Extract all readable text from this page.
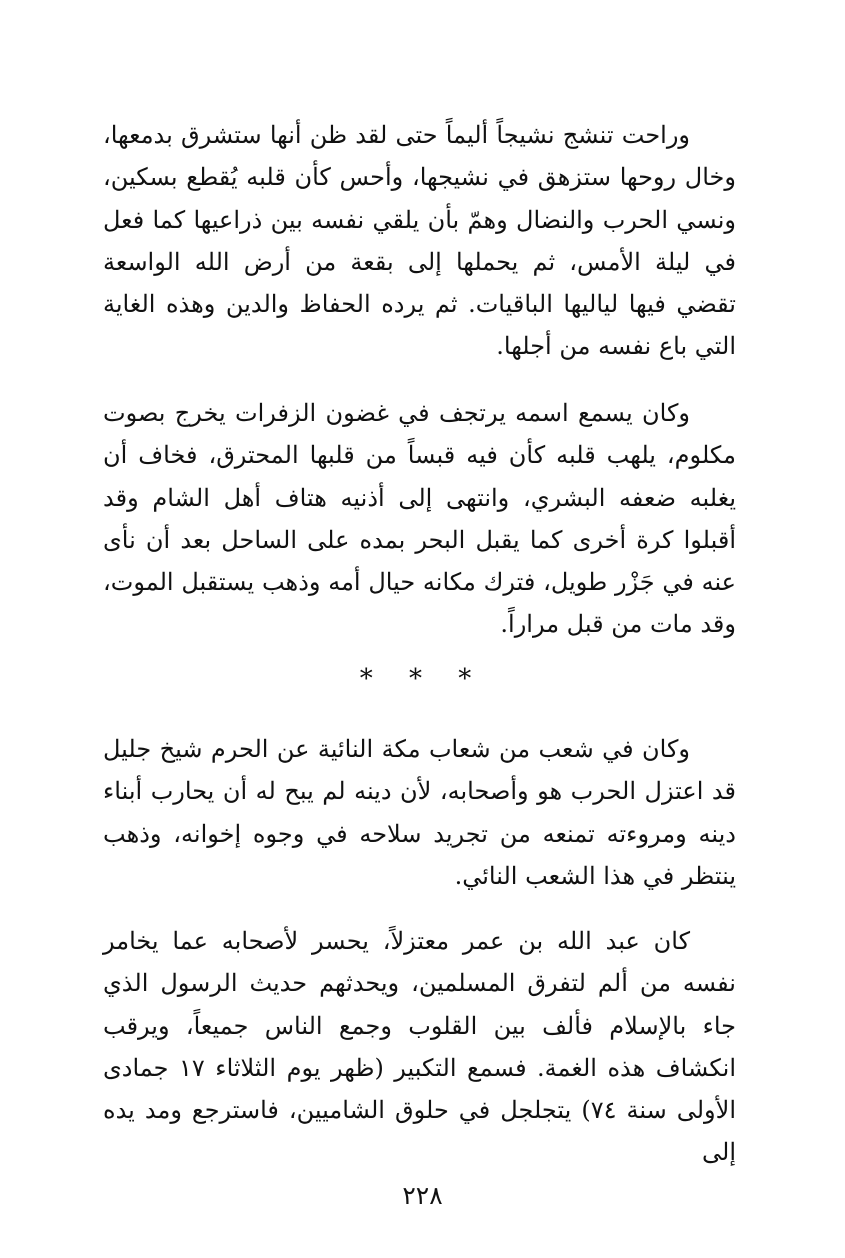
وراحت تنشج نشيجاً أليماً حتى لقد ظن أنها ستشرق بدمعها، وخال روحها ستزهق في نشيجها، وأحس كأن قلبه يُقطع بسكين، ونسي الحرب والنضال وهمّ بأن يلقي نفسه بين ذراعيها كما فعل في ليلة الأمس، ثم يحملها إلى بقعة من أرض الله الواسعة تقضي فيها لياليها الباقيات. ثم يرده الحفاظ والدين وهذه الغاية التي باع نفسه من أجلها.

وكان يسمع اسمه يرتجف في غضون الزفرات يخرج بصوت مكلوم، يلهب قلبه كأن فيه قبساً من قلبها المحترق، فخاف أن يغلبه ضعفه البشري، وانتهى إلى أذنيه هتاف أهل الشام وقد أقبلوا كرة أخرى كما يقبل البحر بمده على الساحل بعد أن نأى عنه في جَزْر طويل، فترك مكانه حيال أمه وذهب يستقبل الموت، وقد مات من قبل مراراً.

* * *

وكان في شعب من شعاب مكة النائية عن الحرم شيخ جليل قد اعتزل الحرب هو وأصحابه، لأن دينه لم يبح له أن يحارب أبناء دينه ومروءته تمنعه من تجريد سلاحه في وجوه إخوانه، وذهب ينتظر في هذا الشعب النائي.

كان عبد الله بن عمر معتزلاً، يحسر لأصحابه عما يخامر نفسه من ألم لتفرق المسلمين، ويحدثهم حديث الرسول الذي جاء بالإسلام فألف بين القلوب وجمع الناس جميعاً، ويرقب انكشاف هذه الغمة. فسمع التكبير (ظهر يوم الثلاثاء ١٧ جمادى الأولى سنة ٧٤) يتجلجل في حلوق الشاميين، فاسترجع ومد يده إلى

٢٢٨
